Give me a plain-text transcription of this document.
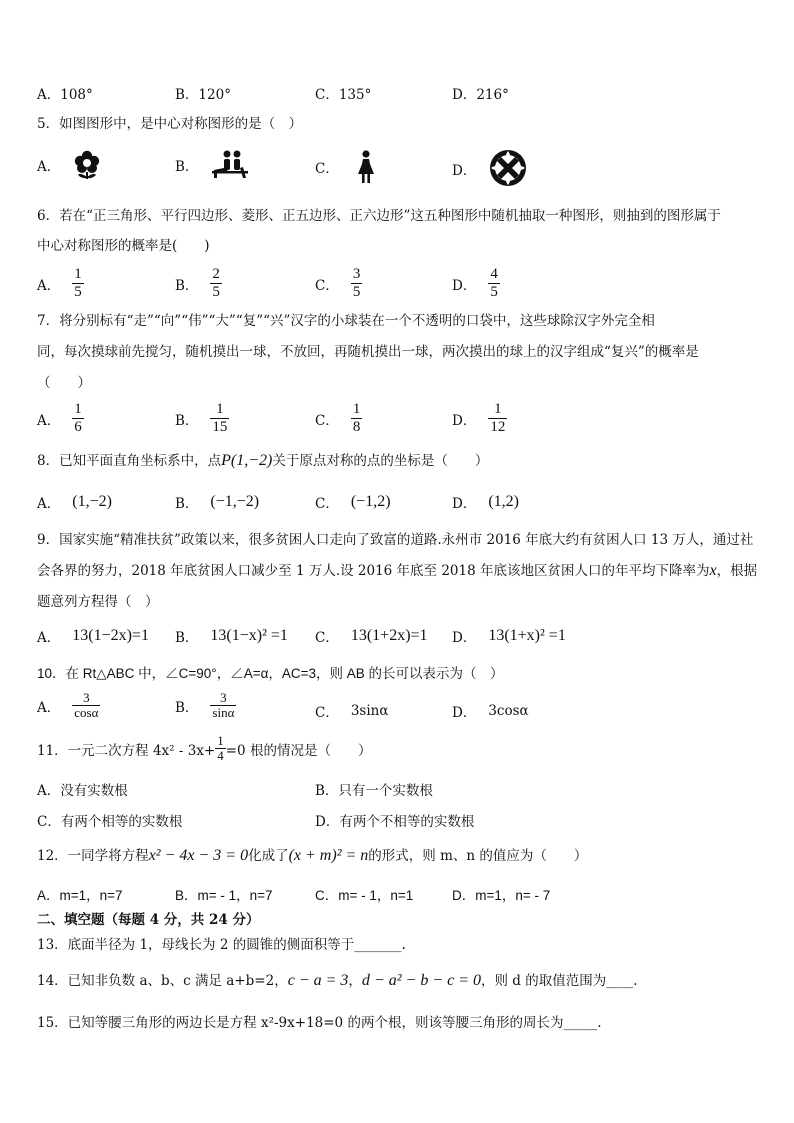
A．108°	B．120°	C．135°	D．216°
5．如图图形中，是中心对称图形的是（　）
A．	B．	C．	D．
6．若在“正三角形、平行四边形、菱形、正五边形、正六边形”这五种图形中随机抽取一种图形，则抽到的图形属于
中心对称图形的概率是(　　)
A． $\frac{1}{5}$	B． $\frac{2}{5}$	C． $\frac{3}{5}$	D． $\frac{4}{5}$
7．将分别标有“走”“向”“伟”“大”“复”“兴”汉字的小球装在一个不透明的口袋中，这些球除汉字外完全相
同，每次摸球前先搅匀，随机摸出一球，不放回，再随机摸出一球，两次摸出的球上的汉字组成“复兴”的概率是
（　　）
A． $\frac{1}{6}$	B． $\frac{1}{15}$	C． $\frac{1}{8}$	D． $\frac{1}{12}$
8．已知平面直角坐标系中，点P(1,−2)关于原点对称的点的坐标是（　　）
A． (1,−2)	B． (−1,−2)	C． (−1,2)	D． (1,2)
9．国家实施“精准扶贫”政策以来，很多贫困人口走向了致富的道路.永州市 2016 年底大约有贫困人口 13 万人，通过社
会各界的努力，2018 年底贫困人口减少至 1 万人.设 2016 年底至 2018 年底该地区贫困人口的年平均下降率为x，根据
题意列方程得（　）
A． 13(1−2x)=1 B． 13(1−x)² =1 C． 13(1+2x)=1 D． 13(1+x)² =1
10．在 Rt△ABC 中，∠C=90°，∠A=α，AC=3，则 AB 的长可以表示为（　）
A． $\frac{3}{\cos\alpha}$	B． $\frac{3}{\sin\alpha}$	C． 3sinα	D． 3cosα
11．一元二次方程 $4x^2 - 3x+ \frac{1}{4} =0$ 根的情况是（　　）
A．没有实数根	B．只有一个实数根
C．有两个相等的实数根	D．有两个不相等的实数根
12．一同学将方程x² − 4x − 3 = 0化成了(x + m)² = n的形式，则 m、n 的值应为（　　）
A．m=1，n=7	B．m= - 1，n=7	C．m= - 1，n=1	D．m=1，n= - 7
二、填空题（每题 4 分，共 24 分）
13．底面半径为 1，母线长为 2 的圆锥的侧面积等于_______.
14．已知非负数 a、b、c 满足 a+b=2，c − a = 3，d − a² − b − c = 0，则 d 的取值范围为____.
15．已知等腰三角形的两边长是方程 x²-9x+18=0 的两个根，则该等腰三角形的周长为_____.
